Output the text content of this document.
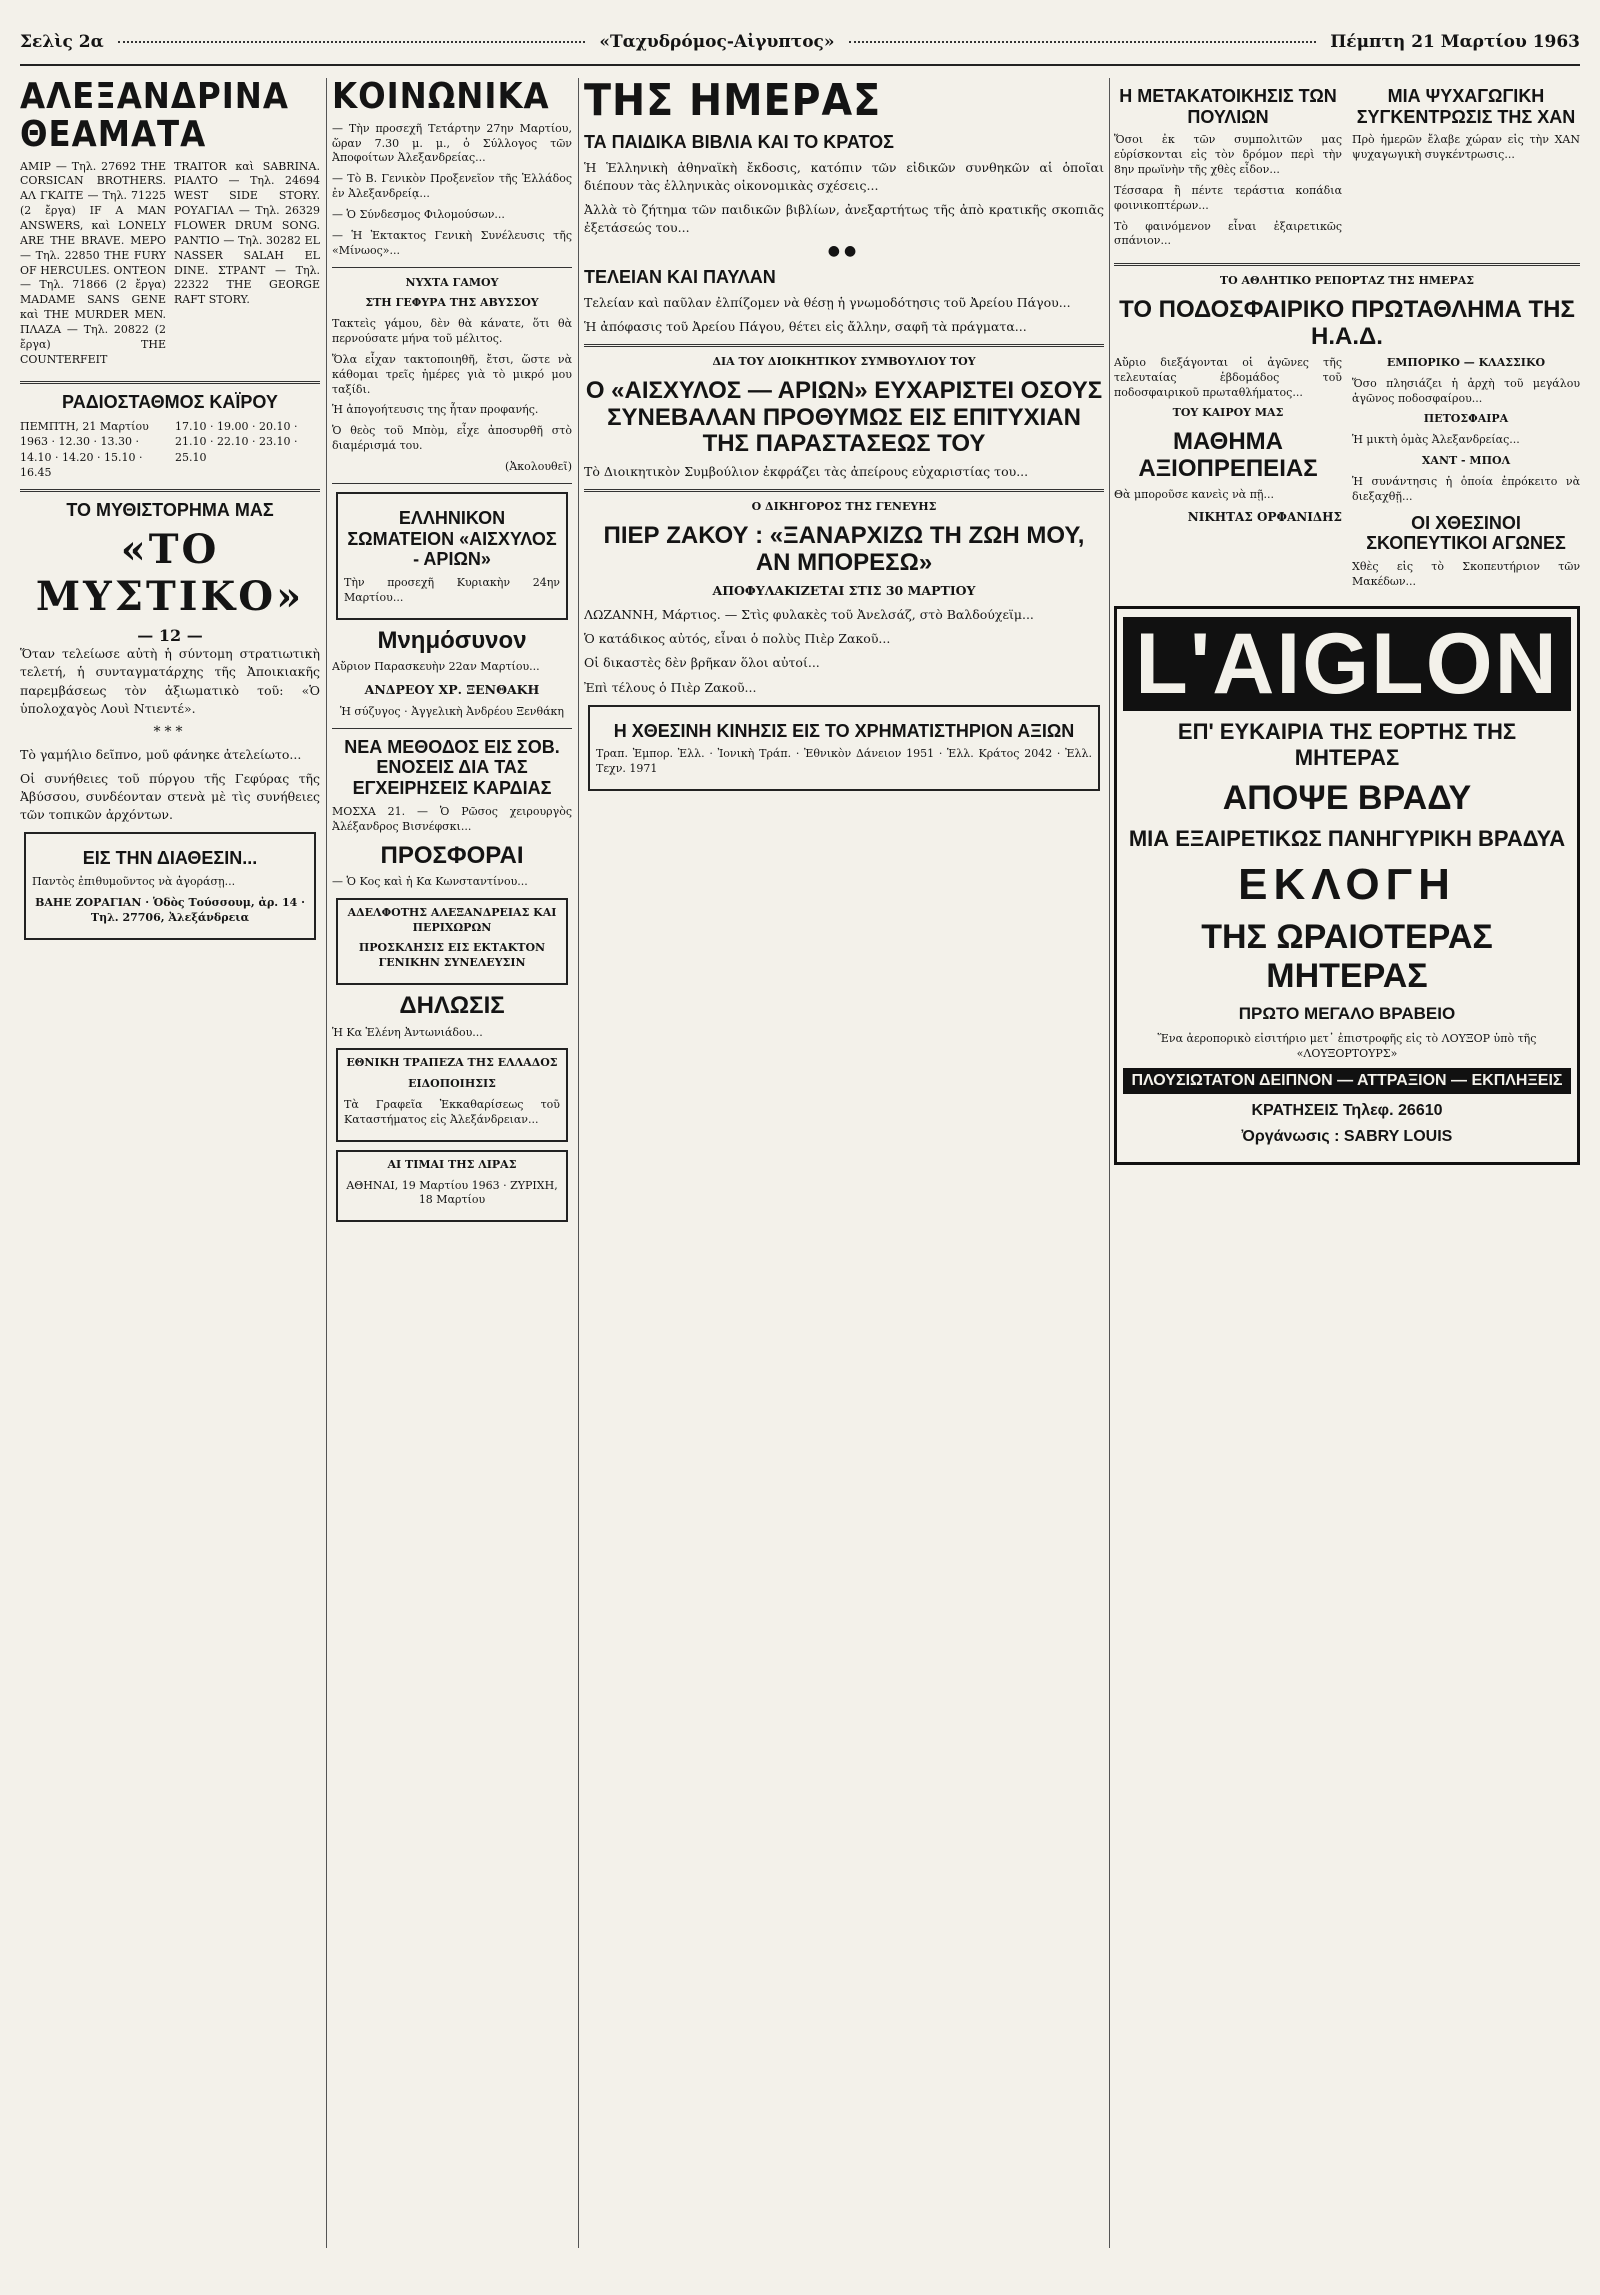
Σελὶς 2α	«Ταχυδρόμος-Αἰγυπτος»	Πέμπτη 21 Μαρτίου 1963
ΑΛΕΞΑΝΔΡΙΝΑ ΘΕΑΜΑΤΑ

ΑΜΙΡ — Τηλ. 27692 THE CORSICAN BROTHERS. ΑΛ ΓΚΑΙΤΕ — Τηλ. 71225 (2 ἔργα) IF A MAN ANSWERS, καὶ LONELY ARE THE BRAVE. ΜΕΡΟ — Τηλ. 22850 THE FURY OF HERCULES. ΟΝΤΕΟΝ — Τηλ. 71866 (2 ἔργα) MADAME SANS GENE καὶ THE MURDER MEN. ΠΛΑΖΑ — Τηλ. 20822 (2 ἔργα) THE COUNTERFEIT

TRAITOR καὶ SABRINA. ΡΙΑΛΤΟ — Τηλ. 24694 WEST SIDE STORY. ΡΟΥΑΓΙΑΛ — Τηλ. 26329 FLOWER DRUM SONG. ΡΑΝΤΙΟ — Τηλ. 30282 EL NASSER SALAH EL DINE. ΣΤΡΑΝΤ — Τηλ. 22322 THE GEORGE RAFT STORY.

ΡΑΔΙΟΣΤΑΘΜΟΣ ΚΑΪΡΟΥ
ΠΕΜΠΤΗ, 21 Μαρτίου 1963 · 12.30 · 13.30 · 14.10 · 14.20 · 15.10 · 16.45
17.10 · 19.00 · 20.10 · 21.10 · 22.10 · 23.10 · 25.10
ΤΟ ΜΥΘΙΣΤΟΡΗΜΑ ΜΑΣ
«ΤΟ ΜΥΣΤΙΚΟ»
— 12 —

Ὅταν τελείωσε αὐτὴ ἡ σύντομη στρατιωτικὴ τελετή, ἡ συνταγματάρχης τῆς Ἀποικιακῆς παρεμβάσεως τὸν ἀξιωματικὸ τοῦ: «Ὁ ὑπολοχαγὸς Λουὶ Ντιεντέ».

***

Τὸ γαμήλιο δεῖπνο, μοῦ φάνηκε ἀτελείωτο...

Οἱ συνήθειες τοῦ πύργου τῆς Γεφύρας τῆς Ἀβύσσου, συνδέονταν στενὰ μὲ τὶς συνήθειες τῶν τοπικῶν ἀρχόντων.

ΕΙΣ ΤΗΝ ΔΙΑΘΕΣΙΝ...

Παντὸς ἐπιθυμοῦντος νὰ ἀγοράσῃ...

ΒΑΗΕ ΖΟΡΑΓΙΑΝ · Ὁδὸς Τούσσουμ, ἀρ. 14 · Τηλ. 27706, Ἀλεξάνδρεια

ΚΟΙΝΩΝΙΚΑ

— Τὴν προσεχῆ Τετάρτην 27ην Μαρτίου, ὥραν 7.30 μ. μ., ὁ Σύλλογος τῶν Ἀποφοίτων Ἀλεξανδρείας...

— Τὸ Β. Γενικὸν Προξενεῖον τῆς Ἑλλάδος ἐν Ἀλεξανδρείᾳ...

— Ὁ Σύνδεσμος Φιλομούσων...

— Ἡ Ἐκτακτος Γενικὴ Συνέλευσις τῆς «Μίνωος»...

ΝΥΧΤΑ ΓΑΜΟΥ

ΣΤΗ ΓΕΦΥΡΑ ΤΗΣ ΑΒΥΣΣΟΥ

Τακτεὶς γάμου, δὲν θὰ κάνατε, ὅτι θὰ περνούσατε μήνα τοῦ μέλιτος.

Ὅλα εἶχαν τακτοποιηθῆ, ἔτσι, ὥστε νὰ κάθομαι τρεῖς ἡμέρες γιὰ τὸ μικρό μου ταξίδι.

Ἡ ἀπογοήτευσις της ἦταν προφανής.

Ὁ θεὸς τοῦ Μπὸμ, εἶχε ἀποσυρθῆ στὸ διαμέρισμά του.

(Ἀκολουθεῖ)

ΕΛΛΗΝΙΚΟΝ ΣΩΜΑΤΕΙΟΝ «ΑΙΣΧΥΛΟΣ - ΑΡΙΩΝ»

Τὴν προσεχῆ Κυριακὴν 24ην Μαρτίου...

Μνημόσυνον

Αὔριον Παρασκευὴν 22αν Μαρτίου...

ΑΝΔΡΕΟΥ ΧΡ. ΞΕΝΘΑΚΗ

Ἡ σύζυγος · Ἀγγελικὴ Ἀνδρέου Ξενθάκη

ΝΕΑ ΜΕΘΟΔΟΣ ΕΙΣ ΣΟΒ. ΕΝΟΣΕΙΣ ΔΙΑ ΤΑΣ ΕΓΧΕΙΡΗΣΕΙΣ ΚΑΡΔΙΑΣ

ΜΟΣΧΑ 21. — Ὁ Ρῶσος χειρουργὸς Ἀλέξανδρος Βισνέφσκι...

ΠΡΟΣΦΟΡΑΙ

— Ὁ Κος καὶ ἡ Κα Κωνσταντίνου...

ΑΔΕΛΦΟΤΗΣ ΑΛΕΞΑΝΔΡΕΙΑΣ ΚΑΙ ΠΕΡΙΧΩΡΩΝ

ΠΡΟΣΚΛΗΣΙΣ ΕΙΣ ΕΚΤΑΚΤΟΝ ΓΕΝΙΚΗΝ ΣΥΝΕΛΕΥΣΙΝ

ΔΗΛΩΣΙΣ

Ἡ Κα Ἑλένη Ἀντωνιάδου...

ΕΘΝΙΚΗ ΤΡΑΠΕΖΑ ΤΗΣ ΕΛΛΑΔΟΣ

ΕΙΔΟΠΟΙΗΣΙΣ

Τὰ Γραφεῖα Ἐκκαθαρίσεως τοῦ Καταστήματος εἰς Ἀλεξάνδρειαν...

ΑΙ ΤΙΜΑΙ ΤΗΣ ΛΙΡΑΣ

ΑΘΗΝΑΙ, 19 Μαρτίου 1963 · ΖΥΡΙΧΗ, 18 Μαρτίου

ΤΗΣ ΗΜΕΡΑΣ
ΤΑ ΠΑΙΔΙΚΑ ΒΙΒΛΙΑ ΚΑΙ ΤΟ ΚΡΑΤΟΣ

Ἡ Ἑλληνικὴ ἀθηναϊκὴ ἔκδοσις, κατόπιν τῶν εἰδικῶν συνθηκῶν αἱ ὁποῖαι διέπουν τὰς ἑλληνικὰς οἰκονομικὰς σχέσεις...

Ἀλλὰ τὸ ζήτημα τῶν παιδικῶν βιβλίων, ἀνεξαρτήτως τῆς ἀπὸ κρατικῆς σκοπιᾶς ἐξετάσεώς του...

●●
ΤΕΛΕΙΑΝ ΚΑΙ ΠΑΥΛΑΝ

Τελείαν καὶ παῦλαν ἐλπίζομεν νὰ θέσῃ ἡ γνωμοδότησις τοῦ Ἀρείου Πάγου...

Ἡ ἀπόφασις τοῦ Ἀρείου Πάγου, θέτει εἰς ἄλλην, σαφῆ τὰ πράγματα...

ΔΙΑ ΤΟΥ ΔΙΟΙΚΗΤΙΚΟΥ ΣΥΜΒΟΥΛΙΟΥ ΤΟΥ

Ο «ΑΙΣΧΥΛΟΣ — ΑΡΙΩΝ» ΕΥΧΑΡΙΣΤΕΙ ΟΣΟΥΣ ΣΥΝΕΒΑΛΑΝ ΠΡΟΘΥΜΩΣ ΕΙΣ ΕΠΙΤΥΧΙΑΝ ΤΗΣ ΠΑΡΑΣΤΑΣΕΩΣ ΤΟΥ

Τὸ Διοικητικὸν Συμβούλιον ἐκφράζει τὰς ἀπείρους εὐχαριστίας του...

Ο ΔΙΚΗΓΟΡΟΣ ΤΗΣ ΓΕΝΕΥΗΣ

ΠΙΕΡ ΖΑΚΟΥ : «ΞΑΝΑΡΧΙΖΩ ΤΗ ΖΩΗ ΜΟΥ, ΑΝ ΜΠΟΡΕΣΩ»

ΑΠΟΦΥΛΑΚΙΖΕΤΑΙ ΣΤΙΣ 30 ΜΑΡΤΙΟΥ

ΛΩΖΑΝΝΗ, Μάρτιος. — Στὶς φυλακὲς τοῦ Ἀνελσάζ, στὸ Βαλδούχεϊμ...

Ὁ κατάδικος αὐτός, εἶναι ὁ πολὺς Πιὲρ Ζακοῦ...

Οἱ δικαστὲς δὲν βρῆκαν ὅλοι αὐτοί...

Ἐπὶ τέλους ὁ Πιὲρ Ζακοῦ...

Η ΧΘΕΣΙΝΗ ΚΙΝΗΣΙΣ ΕΙΣ ΤΟ ΧΡΗΜΑΤΙΣΤΗΡΙΟΝ ΑΞΙΩΝ

Τραπ. Ἐμπορ. Ἐλλ. · Ἰονικὴ Τράπ. · Ἐθνικὸν Δάνειον 1951 · Ἑλλ. Κράτος 2042 · Ἐλλ. Τεχν. 1971

Η ΜΕΤΑΚΑΤΟΙΚΗΣΙΣ ΤΩΝ ΠΟΥΛΙΩΝ

Ὅσοι ἐκ τῶν συμπολιτῶν μας εὑρίσκονται εἰς τὸν δρόμον περὶ τὴν 8ην πρωϊνὴν τῆς χθὲς εἶδον...

Τέσσαρα ἢ πέντε τεράστια κοπάδια φοινικοπτέρων...

Τὸ φαινόμενον εἶναι ἐξαιρετικῶς σπάνιον...

ΜΙΑ ΨΥΧΑΓΩΓΙΚΗ ΣΥΓΚΕΝΤΡΩΣΙΣ ΤΗΣ ΧΑΝ

Πρὸ ἡμερῶν ἔλαβε χώραν εἰς τὴν ΧΑΝ ψυχαγωγικὴ συγκέντρωσις...

ΤΟ ΑΘΛΗΤΙΚΟ ΡΕΠΟΡΤΑΖ ΤΗΣ ΗΜΕΡΑΣ

ΤΟ ΠΟΔΟΣΦΑΙΡΙΚΟ ΠΡΩΤΑΘΛΗΜΑ ΤΗΣ Η.Α.Δ.

Αὔριο διεξάγονται οἱ ἀγῶνες τῆς τελευταίας ἑβδομάδος τοῦ ποδοσφαιρικοῦ πρωταθλήματος...

ΤΟΥ ΚΑΙΡΟΥ ΜΑΣ

ΜΑΘΗΜΑ ΑΞΙΟΠΡΕΠΕΙΑΣ

Θὰ μποροῦσε κανεὶς νὰ πῇ...

ΝΙΚΗΤΑΣ ΟΡΦΑΝΙΔΗΣ

ΕΜΠΟΡΙΚΟ — ΚΛΑΣΣΙΚΟ

Ὅσο πλησιάζει ἡ ἀρχὴ τοῦ μεγάλου ἀγῶνος ποδοσφαίρου...

ΠΕΤΟΣΦΑΙΡΑ

Ἡ μικτὴ ὁμὰς Ἀλεξανδρείας...

ΧΑΝΤ - ΜΠΟΛ

Ἡ συνάντησις ἡ ὁποία ἐπρόκειτο νὰ διεξαχθῇ...

ΟΙ ΧΘΕΣΙΝΟΙ ΣΚΟΠΕΥΤΙΚΟΙ ΑΓΩΝΕΣ

Χθὲς εἰς τὸ Σκοπευτήριον τῶν Μακέδων...

L'AIGLON
ΕΠ' ΕΥΚΑΙΡΙΑ ΤΗΣ ΕΟΡΤΗΣ ΤΗΣ ΜΗΤΕΡΑΣ
ΑΠΟΨΕ ΒΡΑΔΥ
ΜΙΑ ΕΞΑΙΡΕΤΙΚΩΣ ΠΑΝΗΓΥΡΙΚΗ ΒΡΑΔΥΑ
ΕΚΛΟΓΗ
ΤΗΣ ΩΡΑΙΟΤΕΡΑΣ ΜΗΤΕΡΑΣ
ΠΡΩΤΟ ΜΕΓΑΛΟ ΒΡΑΒΕΙΟ
Ἕνα ἀεροπορικὸ εἰσιτήριο μετ᾽ ἐπιστροφῆς εἰς τὸ ΛΟΥΞΟΡ ὑπὸ τῆς «ΛΟΥΞΟΡΤΟΥΡΣ»
ΠΛΟΥΣΙΩΤΑΤΟΝ ΔΕΙΠΝΟΝ — ΑΤΤΡΑΞΙΟΝ — ΕΚΠΛΗΞΕΙΣ
ΚΡΑΤΗΣΕΙΣ Τηλεφ. 26610
Ὀργάνωσις : SABRY LOUIS
